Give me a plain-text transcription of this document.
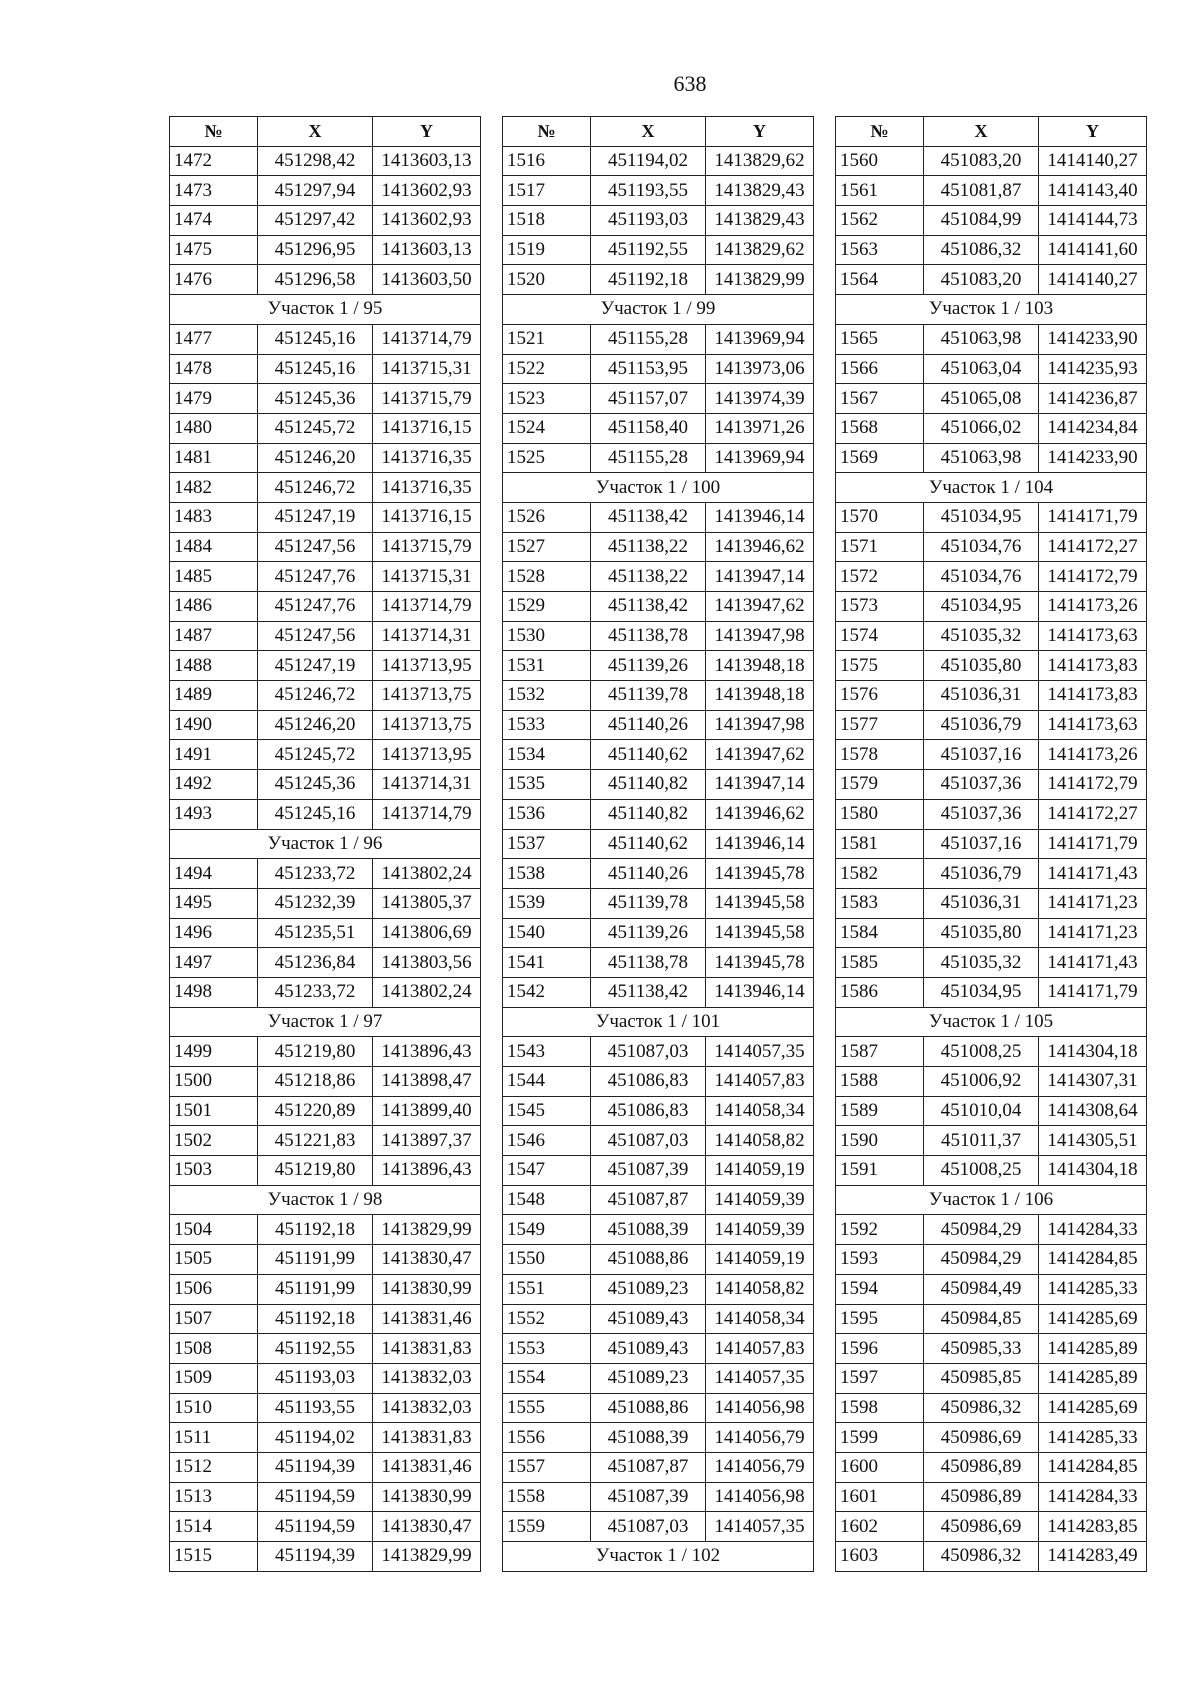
638
№	X	Y
1472	451298,42	1413603,13
1473	451297,94	1413602,93
1474	451297,42	1413602,93
1475	451296,95	1413603,13
1476	451296,58	1413603,50
Участок 1 / 95		
1477	451245,16	1413714,79
1478	451245,16	1413715,31
1479	451245,36	1413715,79
1480	451245,72	1413716,15
1481	451246,20	1413716,35
1482	451246,72	1413716,35
1483	451247,19	1413716,15
1484	451247,56	1413715,79
1485	451247,76	1413715,31
1486	451247,76	1413714,79
1487	451247,56	1413714,31
1488	451247,19	1413713,95
1489	451246,72	1413713,75
1490	451246,20	1413713,75
1491	451245,72	1413713,95
1492	451245,36	1413714,31
1493	451245,16	1413714,79
Участок 1 / 96		
1494	451233,72	1413802,24
1495	451232,39	1413805,37
1496	451235,51	1413806,69
1497	451236,84	1413803,56
1498	451233,72	1413802,24
Участок 1 / 97		
1499	451219,80	1413896,43
1500	451218,86	1413898,47
1501	451220,89	1413899,40
1502	451221,83	1413897,37
1503	451219,80	1413896,43
Участок 1 / 98		
1504	451192,18	1413829,99
1505	451191,99	1413830,47
1506	451191,99	1413830,99
1507	451192,18	1413831,46
1508	451192,55	1413831,83
1509	451193,03	1413832,03
1510	451193,55	1413832,03
1511	451194,02	1413831,83
1512	451194,39	1413831,46
1513	451194,59	1413830,99
1514	451194,59	1413830,47
1515	451194,39	1413829,99
№	X	Y
1516	451194,02	1413829,62
1517	451193,55	1413829,43
1518	451193,03	1413829,43
1519	451192,55	1413829,62
1520	451192,18	1413829,99
Участок 1 / 99		
1521	451155,28	1413969,94
1522	451153,95	1413973,06
1523	451157,07	1413974,39
1524	451158,40	1413971,26
1525	451155,28	1413969,94
Участок 1 / 100		
1526	451138,42	1413946,14
1527	451138,22	1413946,62
1528	451138,22	1413947,14
1529	451138,42	1413947,62
1530	451138,78	1413947,98
1531	451139,26	1413948,18
1532	451139,78	1413948,18
1533	451140,26	1413947,98
1534	451140,62	1413947,62
1535	451140,82	1413947,14
1536	451140,82	1413946,62
1537	451140,62	1413946,14
1538	451140,26	1413945,78
1539	451139,78	1413945,58
1540	451139,26	1413945,58
1541	451138,78	1413945,78
1542	451138,42	1413946,14
Участок 1 / 101		
1543	451087,03	1414057,35
1544	451086,83	1414057,83
1545	451086,83	1414058,34
1546	451087,03	1414058,82
1547	451087,39	1414059,19
1548	451087,87	1414059,39
1549	451088,39	1414059,39
1550	451088,86	1414059,19
1551	451089,23	1414058,82
1552	451089,43	1414058,34
1553	451089,43	1414057,83
1554	451089,23	1414057,35
1555	451088,86	1414056,98
1556	451088,39	1414056,79
1557	451087,87	1414056,79
1558	451087,39	1414056,98
1559	451087,03	1414057,35
Участок 1 / 102		
№	X	Y
1560	451083,20	1414140,27
1561	451081,87	1414143,40
1562	451084,99	1414144,73
1563	451086,32	1414141,60
1564	451083,20	1414140,27
Участок 1 / 103		
1565	451063,98	1414233,90
1566	451063,04	1414235,93
1567	451065,08	1414236,87
1568	451066,02	1414234,84
1569	451063,98	1414233,90
Участок 1 / 104		
1570	451034,95	1414171,79
1571	451034,76	1414172,27
1572	451034,76	1414172,79
1573	451034,95	1414173,26
1574	451035,32	1414173,63
1575	451035,80	1414173,83
1576	451036,31	1414173,83
1577	451036,79	1414173,63
1578	451037,16	1414173,26
1579	451037,36	1414172,79
1580	451037,36	1414172,27
1581	451037,16	1414171,79
1582	451036,79	1414171,43
1583	451036,31	1414171,23
1584	451035,80	1414171,23
1585	451035,32	1414171,43
1586	451034,95	1414171,79
Участок 1 / 105		
1587	451008,25	1414304,18
1588	451006,92	1414307,31
1589	451010,04	1414308,64
1590	451011,37	1414305,51
1591	451008,25	1414304,18
Участок 1 / 106		
1592	450984,29	1414284,33
1593	450984,29	1414284,85
1594	450984,49	1414285,33
1595	450984,85	1414285,69
1596	450985,33	1414285,89
1597	450985,85	1414285,89
1598	450986,32	1414285,69
1599	450986,69	1414285,33
1600	450986,89	1414284,85
1601	450986,89	1414284,33
1602	450986,69	1414283,85
1603	450986,32	1414283,49
